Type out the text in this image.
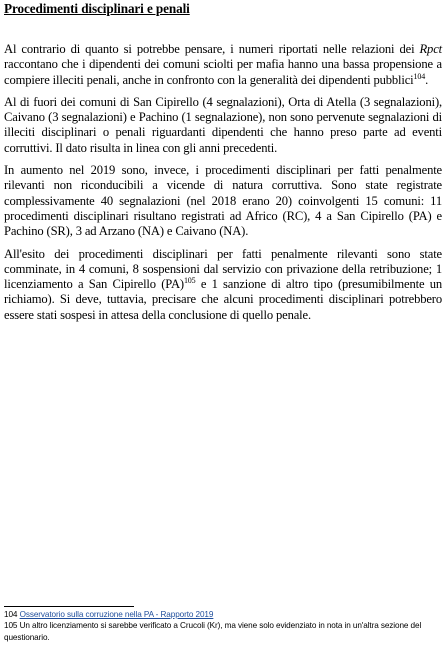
Procedimenti disciplinari e penali

Al contrario di quanto si potrebbe pensare, i numeri riportati nelle relazioni dei Rpct raccontano che i dipendenti dei comuni sciolti per mafia hanno una bassa propensione a compiere illeciti penali, anche in confronto con la generalità dei dipendenti pubblici$^{104}$.

Al di fuori dei comuni di San Cipirello (4 segnalazioni), Orta di Atella (3 segnalazioni), Caivano (3 segnalazioni) e Pachino (1 segnalazione), non sono pervenute segnalazioni di illeciti disciplinari o penali riguardanti dipendenti che hanno preso parte ad eventi corruttivi. Il dato risulta in linea con gli anni precedenti.

In aumento nel 2019 sono, invece, i procedimenti disciplinari per fatti penalmente rilevanti non riconducibili a vicende di natura corruttiva. Sono state registrate complessivamente 40 segnalazioni (nel 2018 erano 20) coinvolgenti 15 comuni: 11 procedimenti disciplinari risultano registrati ad Africo (RC), 4 a San Cipirello (PA) e Pachino (SR), 3 ad Arzano (NA) e Caivano (NA).

All'esito dei procedimenti disciplinari per fatti penalmente rilevanti sono state comminate, in 4 comuni, 8 sospensioni dal servizio con privazione della retribuzione; 1 licenziamento a San Cipirello (PA)$^{105}$ e 1 sanzione di altro tipo (presumibilmente un richiamo). Si deve, tuttavia, precisare che alcuni procedimenti disciplinari potrebbero essere stati sospesi in attesa della conclusione di quello penale.

104 Osservatorio sulla corruzione nella PA - Rapporto 2019
105 Un altro licenziamento si sarebbe verificato a Crucoli (Kr), ma viene solo evidenziato in nota in un'altra sezione del questionario.
